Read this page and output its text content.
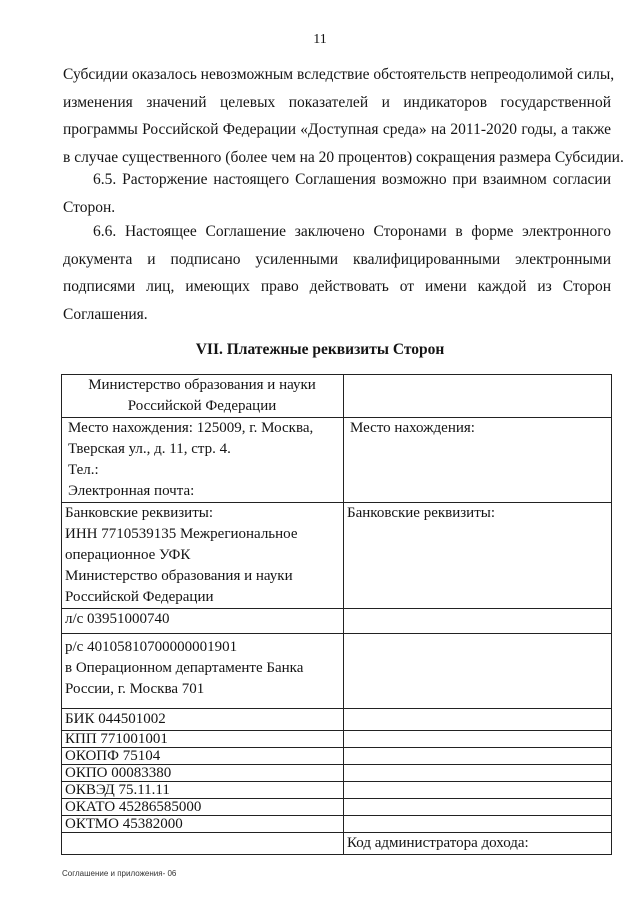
11
Субсидии оказалось невозможным вследствие обстоятельств непреодолимой силы,
изменения значений целевых показателей и индикаторов государственной
программы Российской Федерации «Доступная среда» на 2011-2020 годы, а также
в случае существенного (более чем на 20 процентов) сокращения размера Субсидии.
6.5. Расторжение настоящего Соглашения возможно при взаимном согласии
Сторон.
6.6. Настоящее Соглашение заключено Сторонами в форме электронного
документа и подписано усиленными квалифицированными электронными
подписями лиц, имеющих право действовать от имени каждой из Сторон
Соглашения.
VII. Платежные реквизиты Сторон
Министерство образования и науки
Российской Федерации	

Место нахождения: 125009, г. Москва,
Тверская ул., д. 11, стр. 4.
Тел.:
Электронная почта:	Место нахождения:

Банковские реквизиты:
ИНН 7710539135 Межрегиональное
операционное УФК
Министерство образования и науки
Российской Федерации	Банковские реквизиты:

л/с 03951000740	

р/с 40105810700000001901
в Операционном департаменте Банка
России, г. Москва 701	

БИК 044501002	
КПП 771001001	
ОКОПФ 75104	
ОКПО 00083380	
ОКВЭД 75.11.11	
ОКАТО 45286585000	
ОКТМО 45382000	
	Код администратора дохода:
Соглашение и приложения- 06
